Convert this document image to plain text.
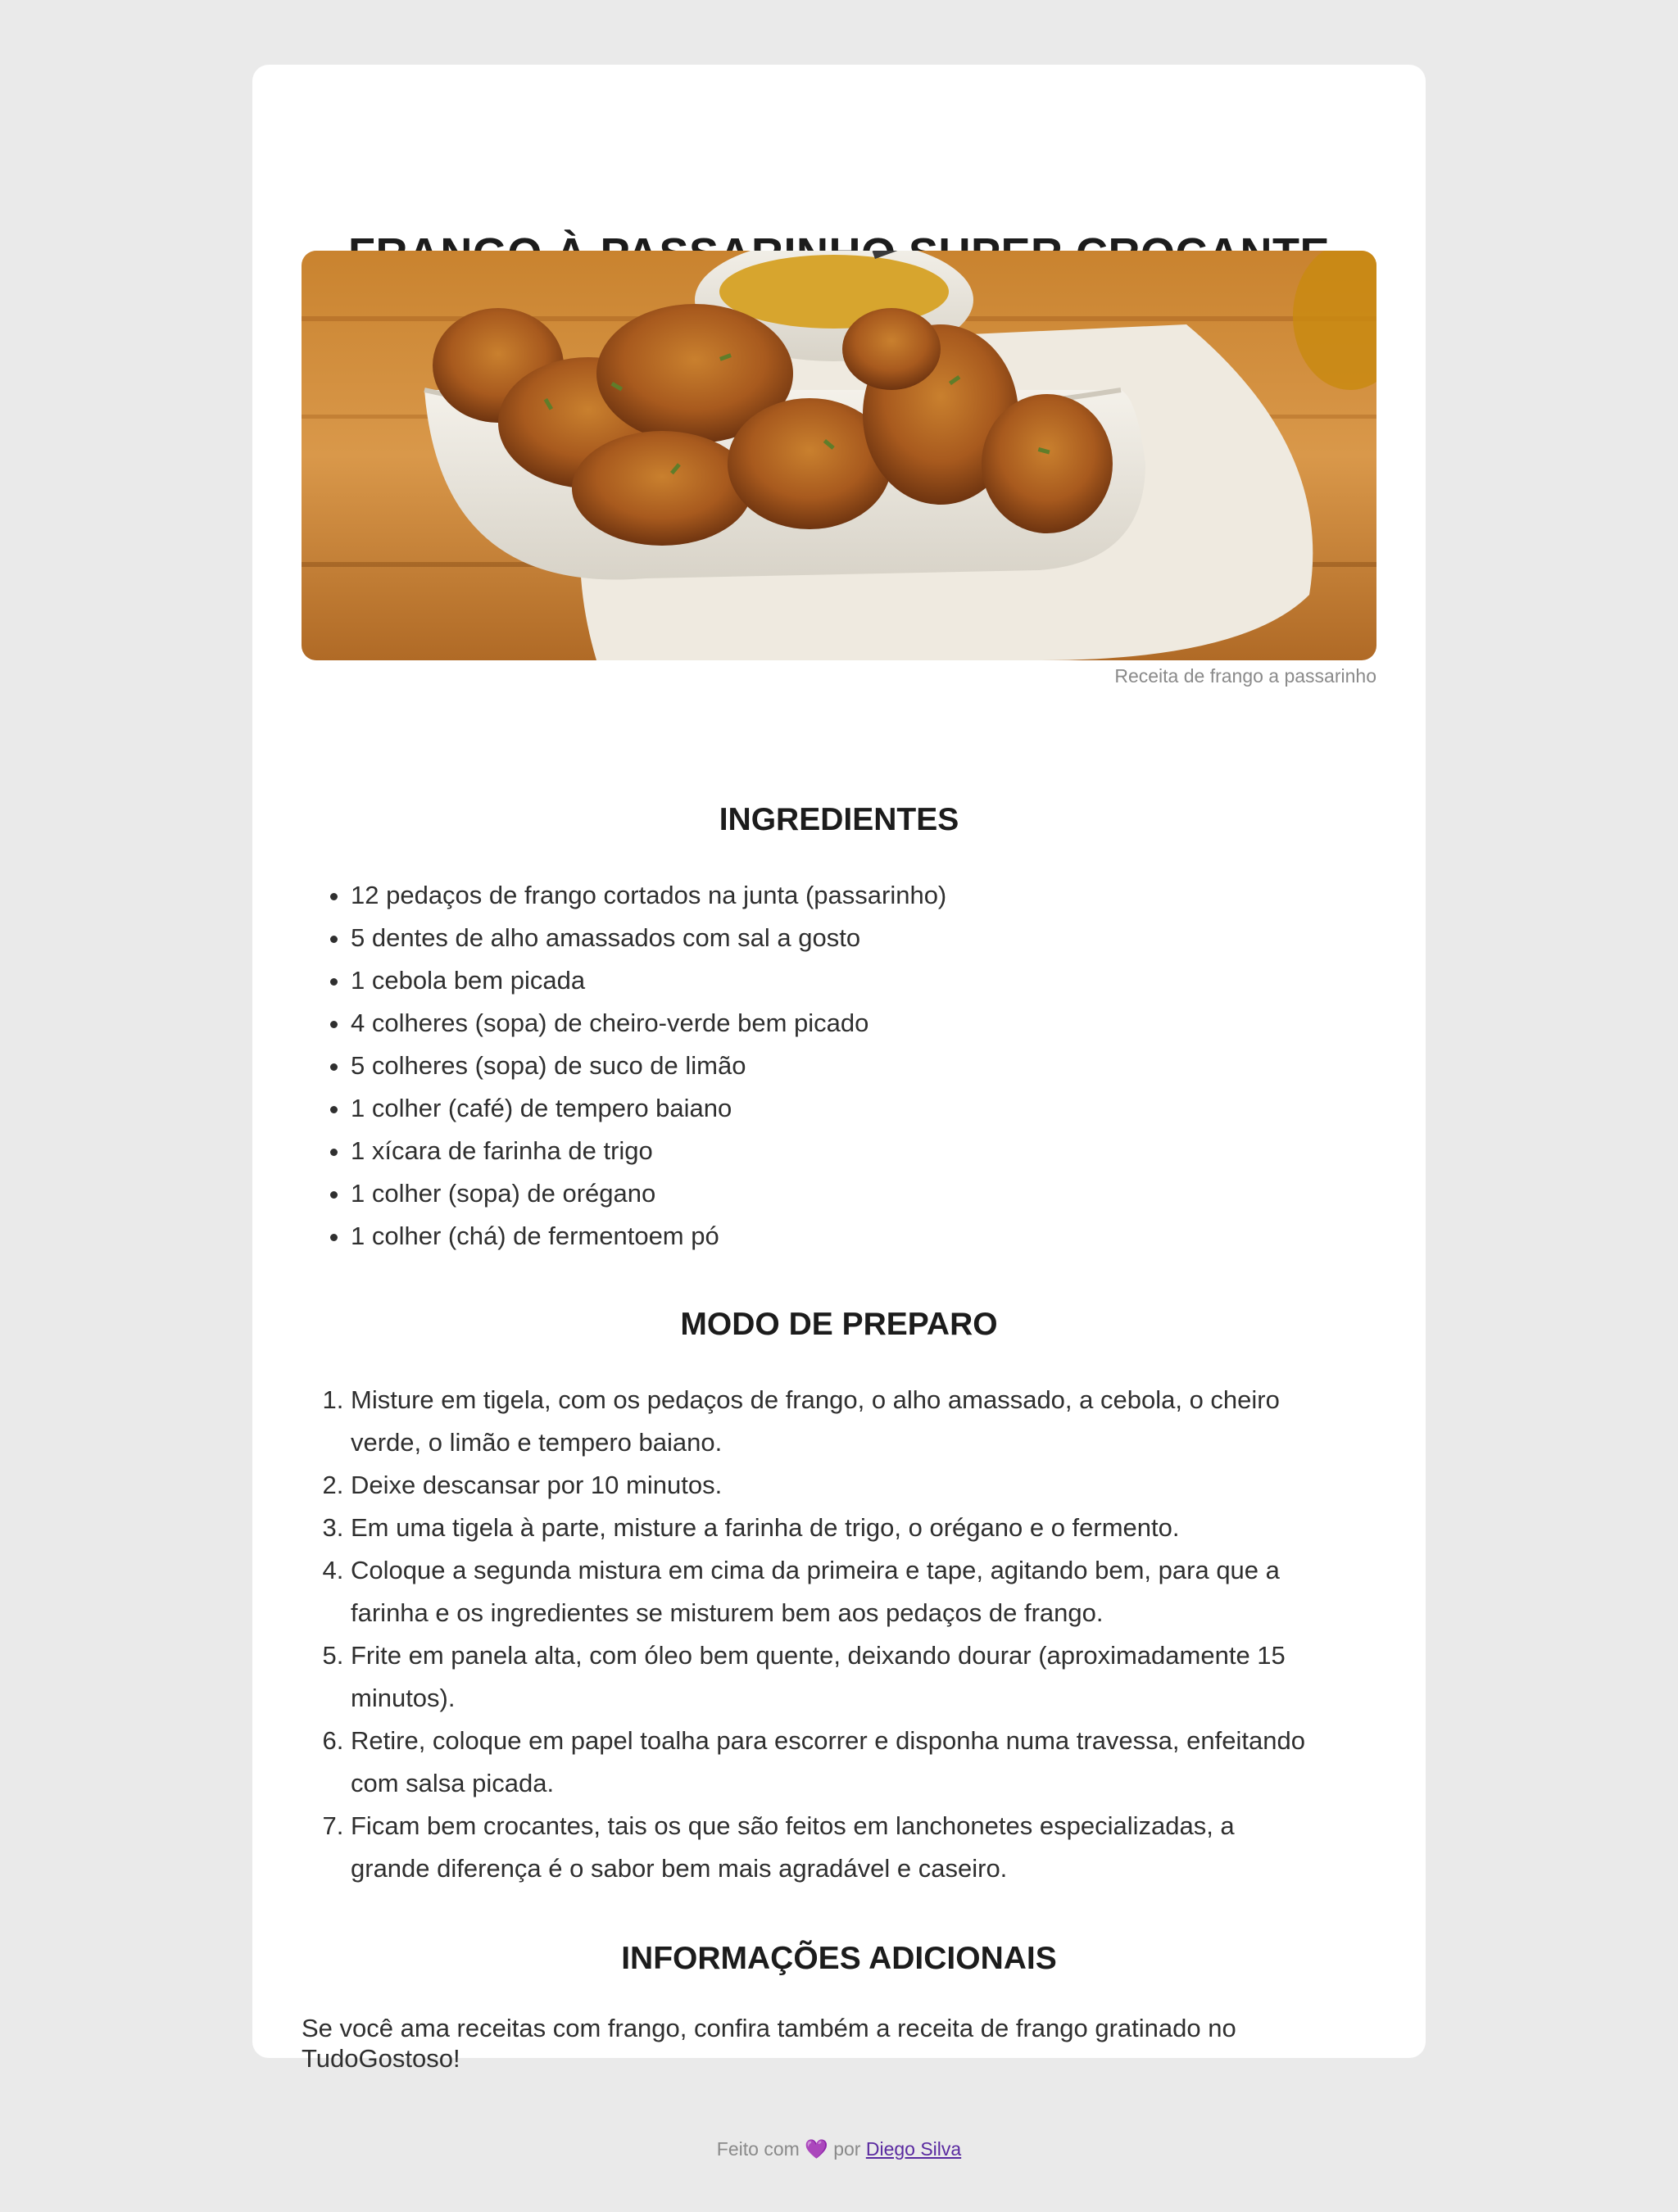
Receita de frango a passarinho
INGREDIENTES
• 12 pedaços de frango cortados na junta (passarinho)
• 5 dentes de alho amassados com sal a gosto
• 1 cebola bem picada
• 4 colheres (sopa) de cheiro-verde bem picado
• 5 colheres (sopa) de suco de limão
• 1 colher (café) de tempero baiano
• 1 xícara de farinha de trigo
• 1 colher (sopa) de orégano
• 1 colher (chá) de fermentoem pó
MODO DE PREPARO
1. Misture em tigela, com os pedaços de frango, o alho amassado, a cebola, o cheiro verde, o limão e tempero baiano.
2. Deixe descansar por 10 minutos.
3. Em uma tigela à parte, misture a farinha de trigo, o orégano e o fermento.
4. Coloque a segunda mistura em cima da primeira e tape, agitando bem, para que a farinha e os ingredientes se misturem bem aos pedaços de frango.
5. Frite em panela alta, com óleo bem quente, deixando dourar (aproximadamente 15 minutos).
6. Retire, coloque em papel toalha para escorrer e disponha numa travessa, enfeitando com salsa picada.
7. Ficam bem crocantes, tais os que são feitos em lanchonetes especializadas, a grande diferença é o sabor bem mais agradável e caseiro.
INFORMAÇÕES ADICIONAIS

Se você ama receitas com frango, confira também a receita de frango gratinado no TudoGostoso!

Feito com 💜 por Diego Silva
